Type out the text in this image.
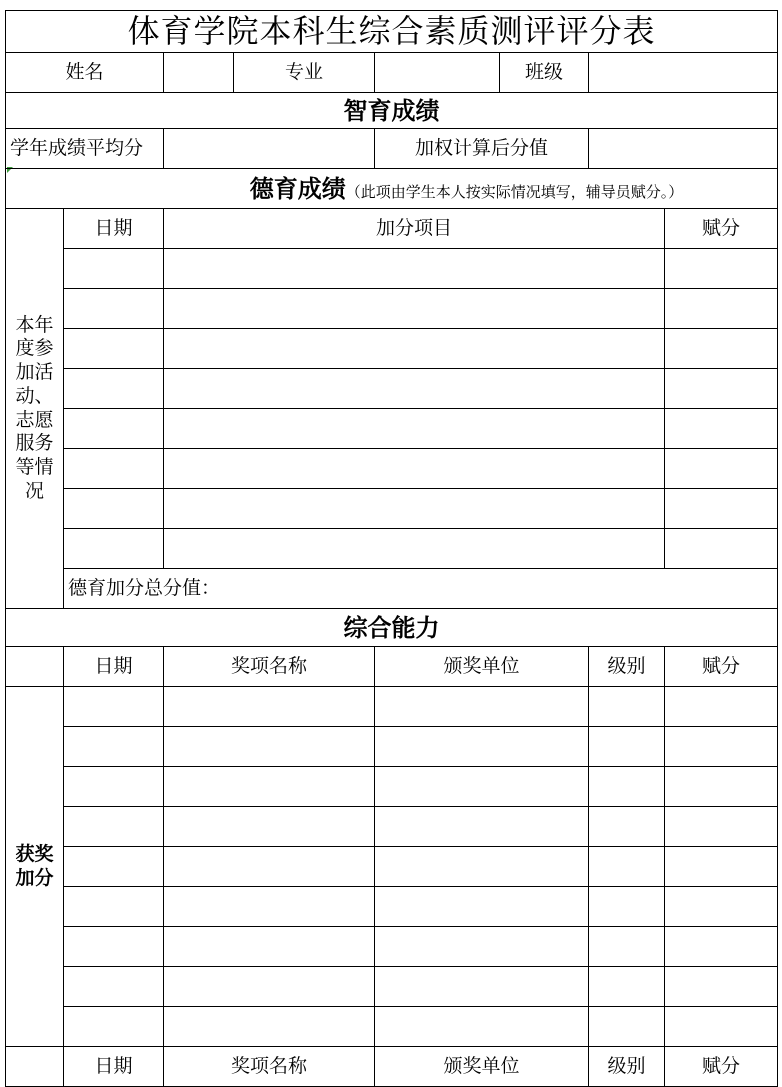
体育学院本科生综合素质测评评分表							
姓名			专业		班级		
智育成绩							
学年成绩平均分				加权计算后分值			
德育成绩（此项由学生本人按实际情况填写，辅导员赋分。）							

本年度参加活动、志愿服务等情况	日期	加分项目					赋分

	德育加分总分值：						
综合能力							
	日期	奖项名称		颁奖单位		级别	赋分

获奖加分							

	日期	奖项名称		颁奖单位		级别	赋分
